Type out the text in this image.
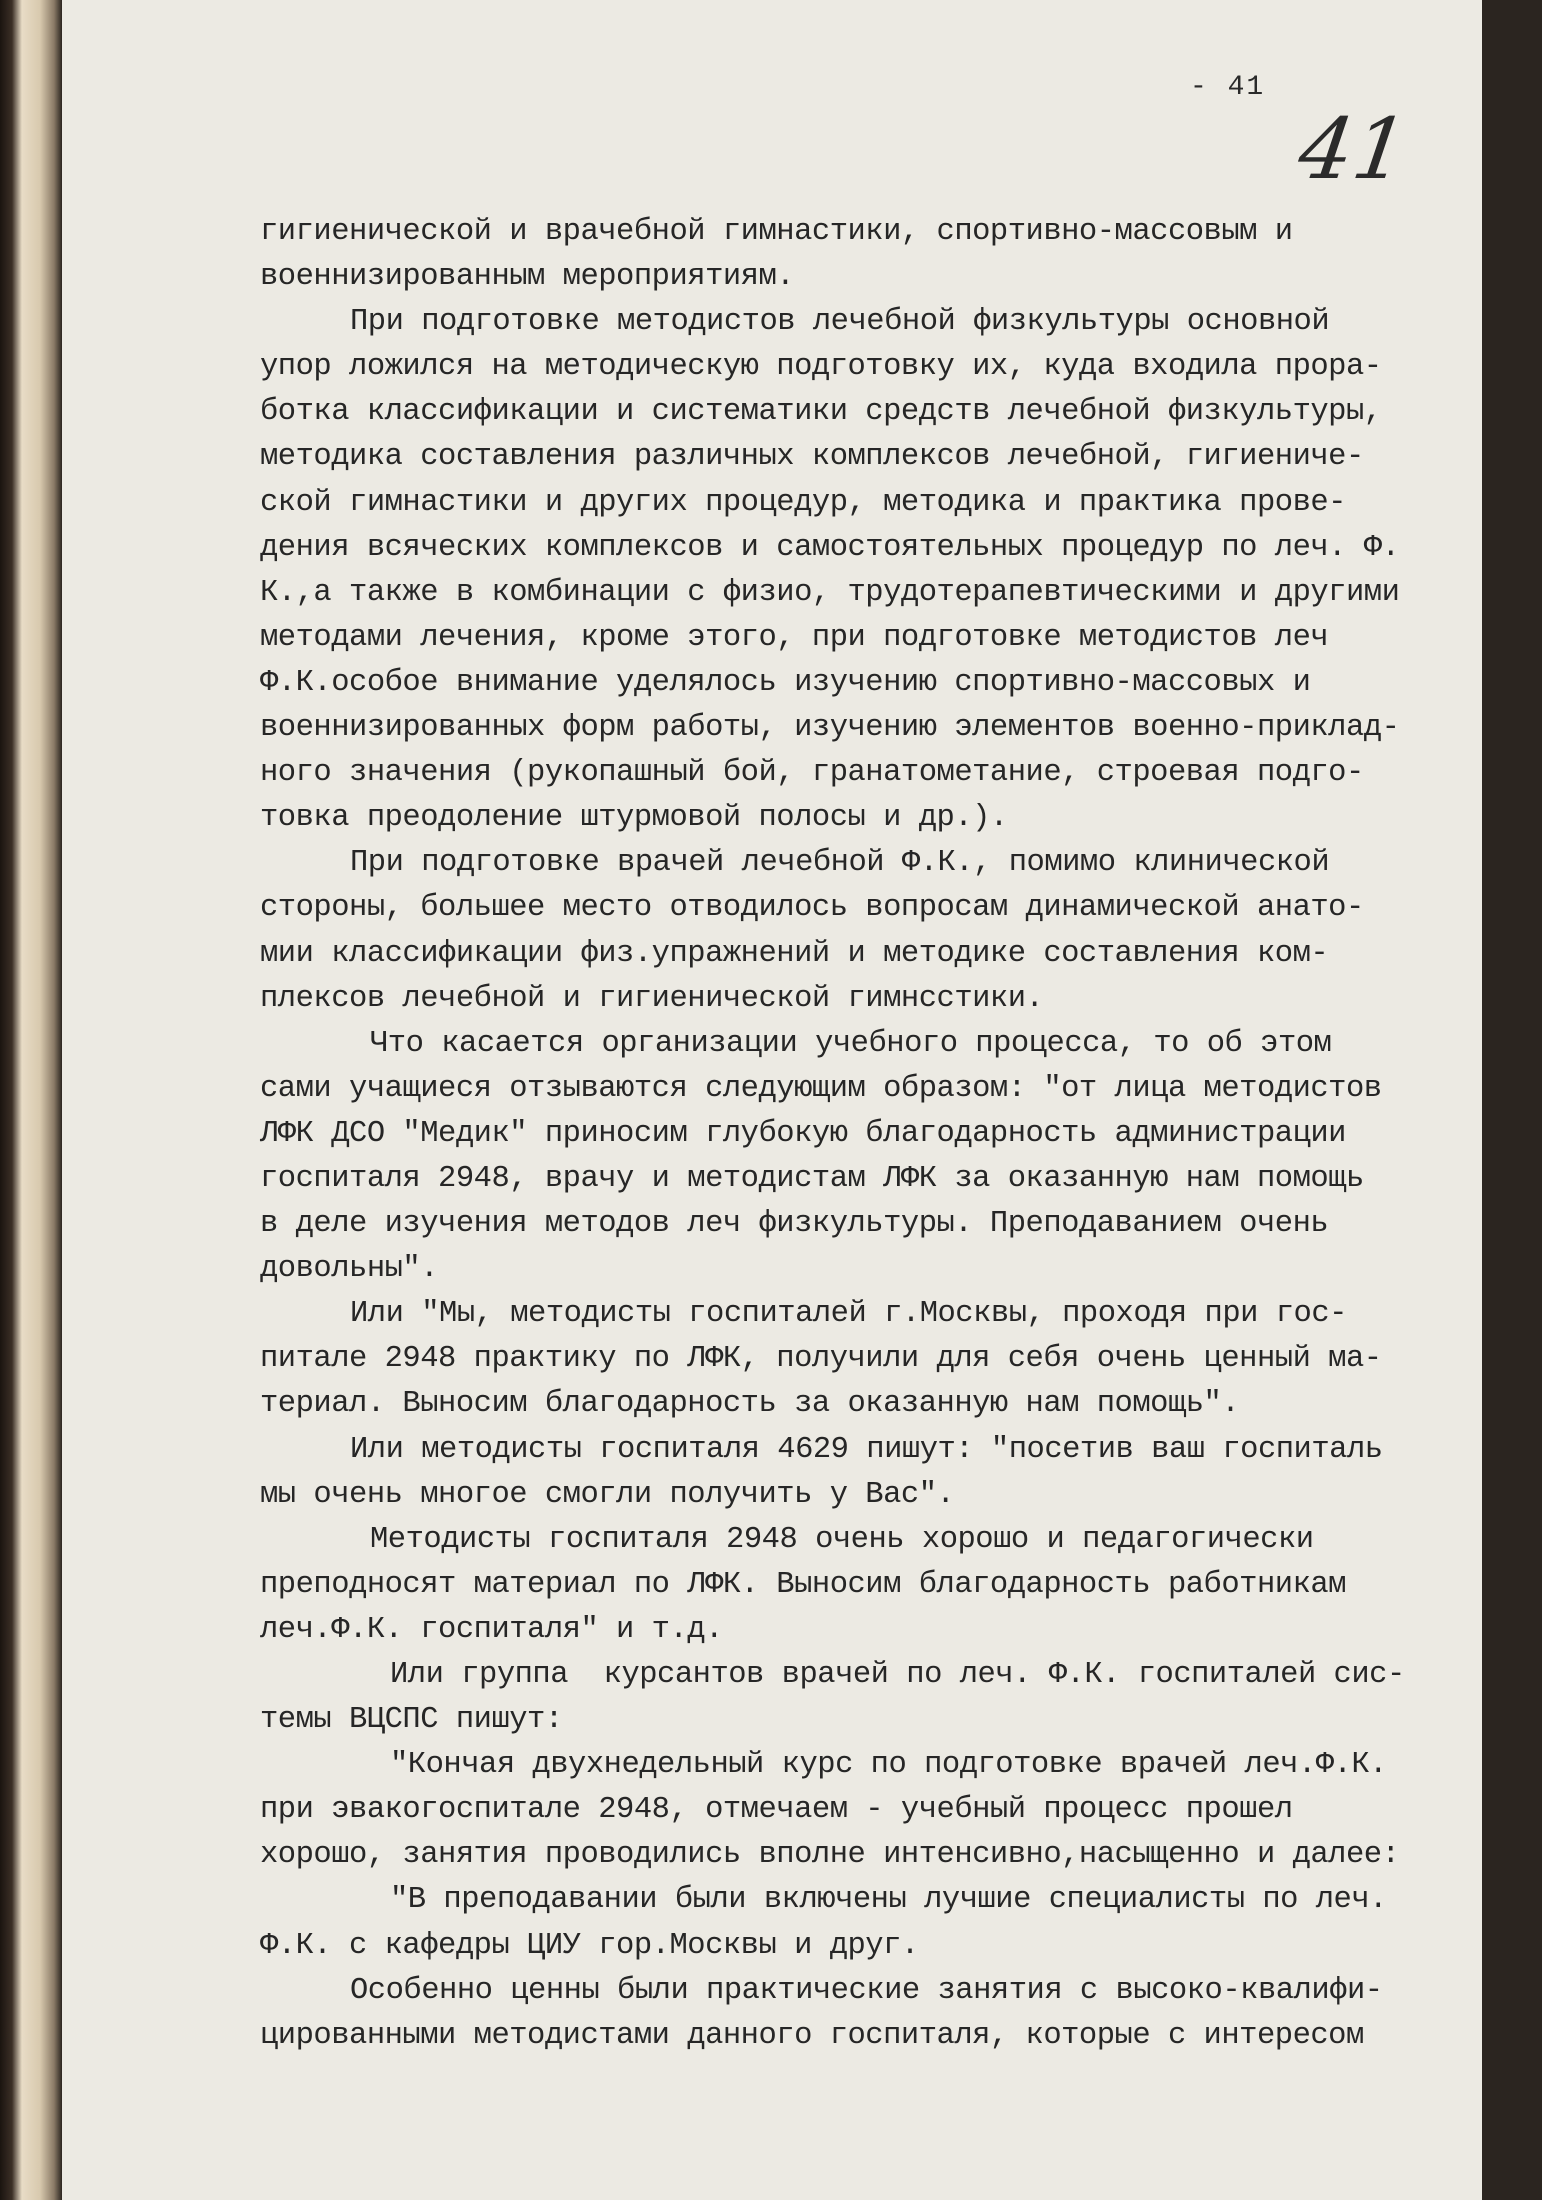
- 41
41
гигиенической и врачебной гимнастики, спортивно-массовым и
военнизированным мероприятиям.
При подготовке методистов лечебной физкультуры основной
упор ложился на методическую подготовку их, куда входила прора-
ботка классификации и систематики средств лечебной физкультуры,
методика составления различных комплексов лечебной, гигиениче-
ской гимнастики и других процедур, методика и практика прове-
дения всяческих комплексов и самостоятельных процедур по леч. Ф.
К.,а также в комбинации с физио, трудотерапевтическими и другими
методами лечения, кроме этого, при подготовке методистов леч
Ф.К.особое внимание уделялось изучению спортивно-массовых и
военнизированных форм работы, изучению элементов военно-приклад-
ного значения (рукопашный бой, гранатометание, строевая подго-
товка преодоление штурмовой полосы и др.).
При подготовке врачей лечебной Ф.К., помимо клинической
стороны, большее место отводилось вопросам динамической анато-
мии классификации физ.упражнений и методике составления ком-
плексов лечебной и гигиенической гимнсстики.
Что касается организации учебного процесса, то об этом
сами учащиеся отзываются следующим образом: "от лица методистов
ЛФК ДСО "Медик" приносим глубокую благодарность администрации
госпиталя 2948, врачу и методистам ЛФК за оказанную нам помощь
в деле изучения методов леч физкультуры. Преподаванием очень
довольны".
Или "Мы, методисты госпиталей г.Москвы, проходя при гос-
питале 2948 практику по ЛФК, получили для себя очень ценный ма-
териал. Выносим благодарность за оказанную нам помощь".
Или методисты госпиталя 4629 пишут: "посетив ваш госпиталь
мы очень многое смогли получить у Вас".
Методисты госпиталя 2948 очень хорошо и педагогически
преподносят материал по ЛФК. Выносим благодарность работникам
леч.Ф.К. госпиталя" и т.д.
Или группа  курсантов врачей по леч. Ф.К. госпиталей сис-
темы ВЦСПС пишут:
"Кончая двухнедельный курс по подготовке врачей леч.Ф.К.
при эвакогоспитале 2948, отмечаем - учебный процесс прошел
хорошо, занятия проводились вполне интенсивно,насыщенно и далее:
"В преподавании были включены лучшие специалисты по леч.
Ф.К. с кафедры ЦИУ гор.Москвы и друг.
Особенно ценны были практические занятия с высоко-квалифи-
цированными методистами данного госпиталя, которые с интересом
